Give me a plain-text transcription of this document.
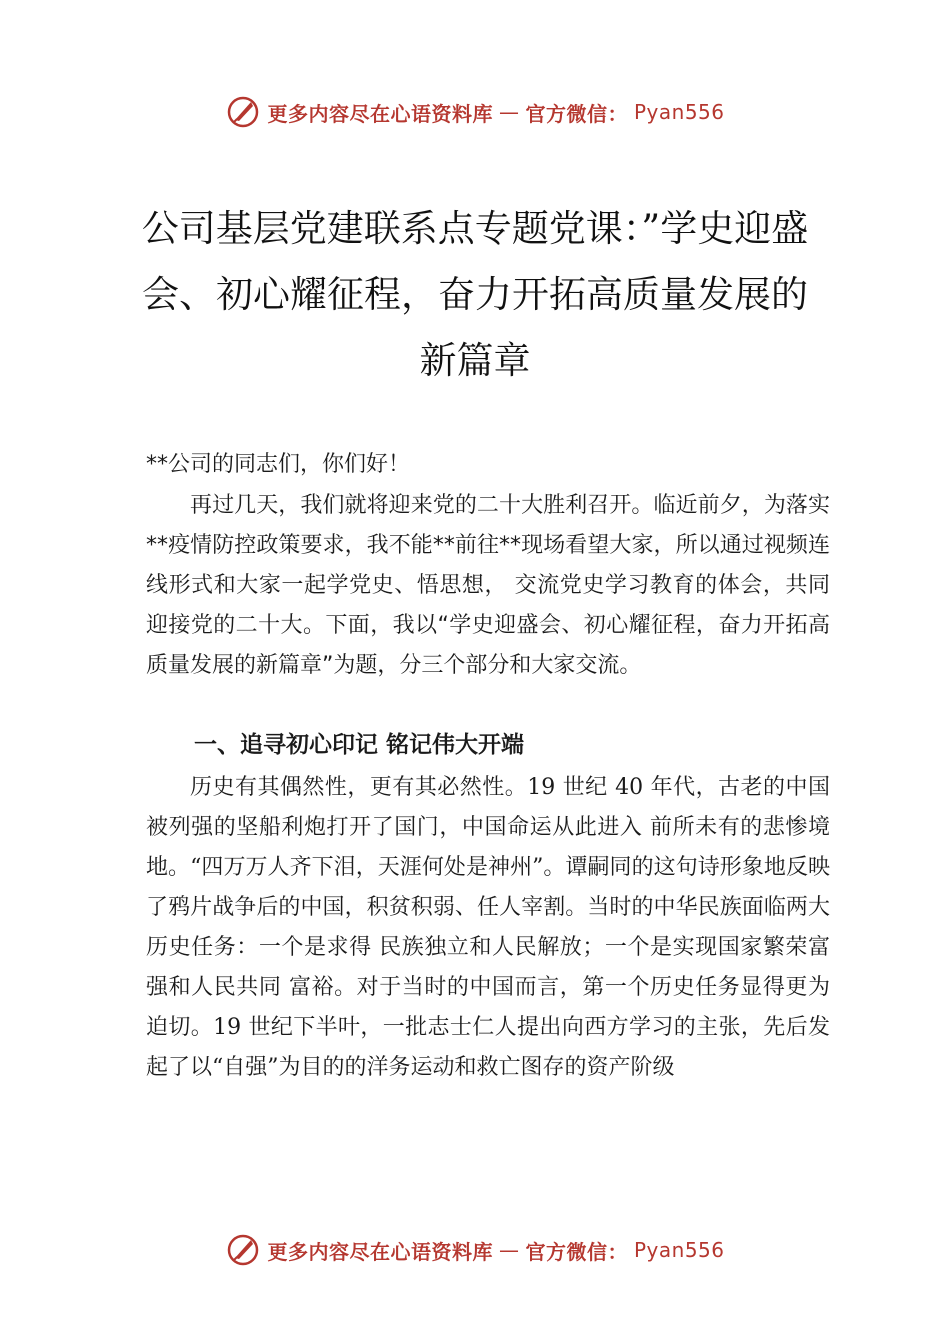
更多内容尽在心语资料库 — 官方微信： Pyan556
公司基层党建联系点专题党课：”学史迎盛会、初心耀征程，奋力开拓高质量发展的新篇章
**公司的同志们，你们好！

再过几天，我们就将迎来党的二十大胜利召开。临近前夕，为落实**疫情防控政策要求，我不能**前往**现场看望大家，所以通过视频连线形式和大家一起学党史、悟思想， 交流党史学习教育的体会，共同迎接党的二十大。下面，我以“学史迎盛会、初心耀征程，奋力开拓高质量发展的新篇章”为题，分三个部分和大家交流。

一、追寻初心印记 铭记伟大开端

历史有其偶然性，更有其必然性。19 世纪 40 年代，古老的中国被列强的坚船利炮打开了国门，中国命运从此进入 前所未有的悲惨境地。“四万万人齐下泪，天涯何处是神州”。谭嗣同的这句诗形象地反映了鸦片战争后的中国，积贫积弱、任人宰割。当时的中华民族面临两大历史任务：一个是求得 民族独立和人民解放；一个是实现国家繁荣富强和人民共同 富裕。对于当时的中国而言，第一个历史任务显得更为迫切。19 世纪下半叶，一批志士仁人提出向西方学习的主张，先后发起了以“自强”为目的的洋务运动和救亡图存的资产阶级

更多内容尽在心语资料库 — 官方微信： Pyan556
